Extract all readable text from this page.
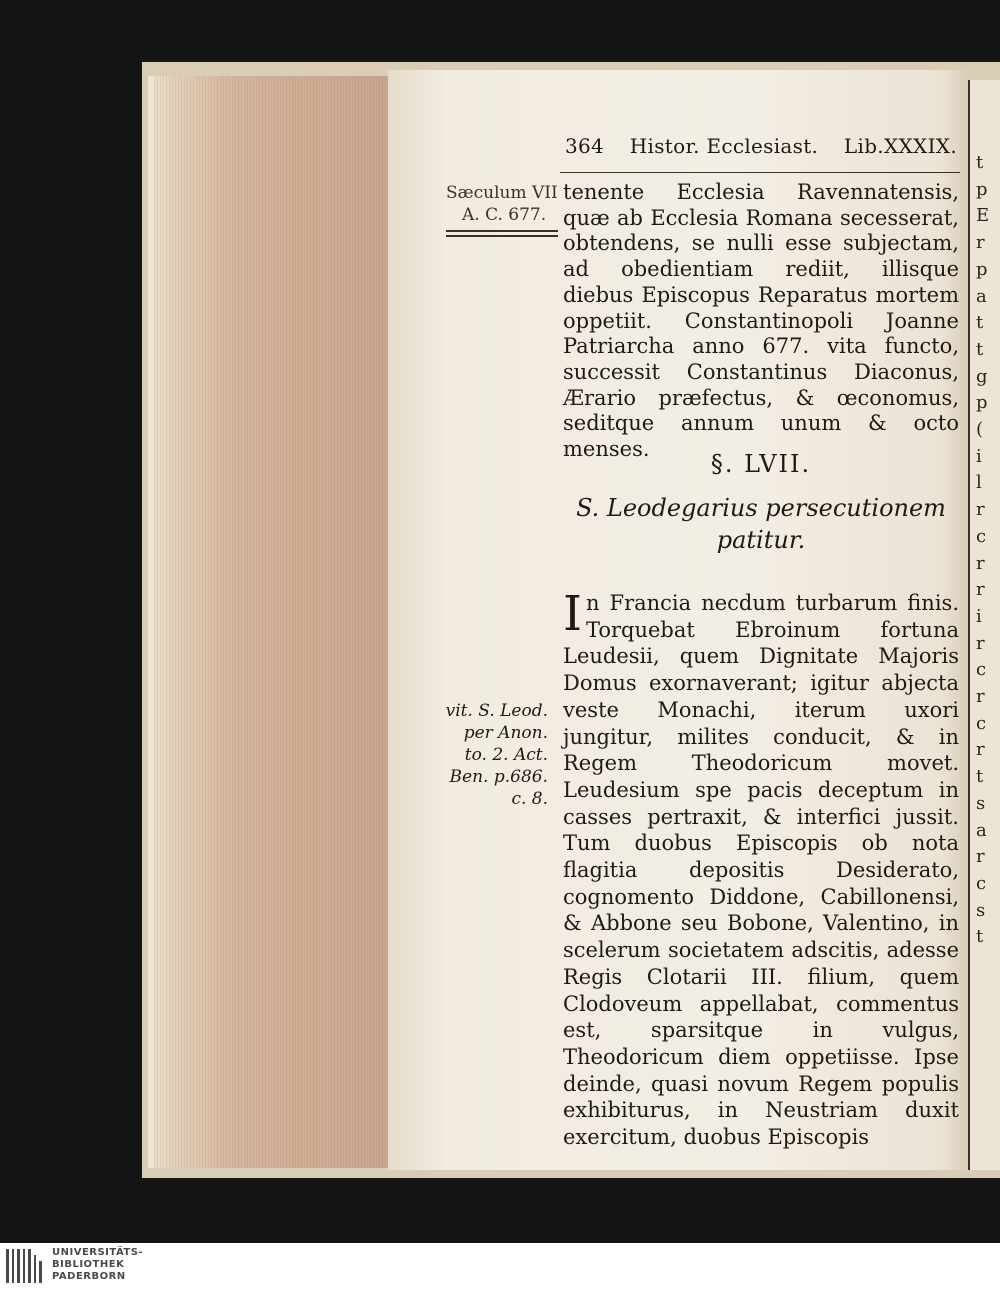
t
p
E
r
p
a
t
t
g
p
(
i
l
r
c
r
r
i
r
c
r
c
r
t
s
a
r
c
s
t
364 Histor. Ecclesiast. Lib.XXXIX.
Sæculum VII
A. C. 677.

tenente Ecclesia Ravennatensis, quæ ab Ecclesia Romana secesserat, obtendens, se nulli esse subjectam, ad obedientiam rediit, illisque diebus Episcopus Reparatus mortem oppetiit. Constantinopoli Joanne Patriarcha anno 677. vita functo, successit Constantinus Diaconus, Ærario præfectus, & œconomus, seditque annum unum & octo menses.

§. LVII.
S. Leodegarius persecutionem
patitur.
I n Francia necdum turbarum finis. Torquebat Ebroinum fortuna Leudesii, quem Dignitate Majoris Domus exornaverant; igitur abjecta veste Monachi, iterum uxori jungitur, milites conducit, & in Regem Theodoricum movet. Leudesium spe pacis deceptum in casses pertraxit, & interfici jussit. Tum duobus Episcopis ob nota flagitia depositis Desiderato, cognomento Diddone, Cabillonensi, & Abbone seu Bobone, Valentino, in scelerum societatem adscitis, adesse Regis Clotarii III. filium, quem Clodoveum appellabat, commentus est, sparsitque in vulgus, Theodoricum diem oppetiisse. Ipse deinde, quasi novum Regem populis exhibiturus, in Neustriam duxit exercitum, duobus Episcopis
vit. S. Leod.
per Anon.
to. 2. Act.
Ben. p.686.
c. 8.
UNIVERSITÄTS-
BIBLIOTHEK
PADERBORN
